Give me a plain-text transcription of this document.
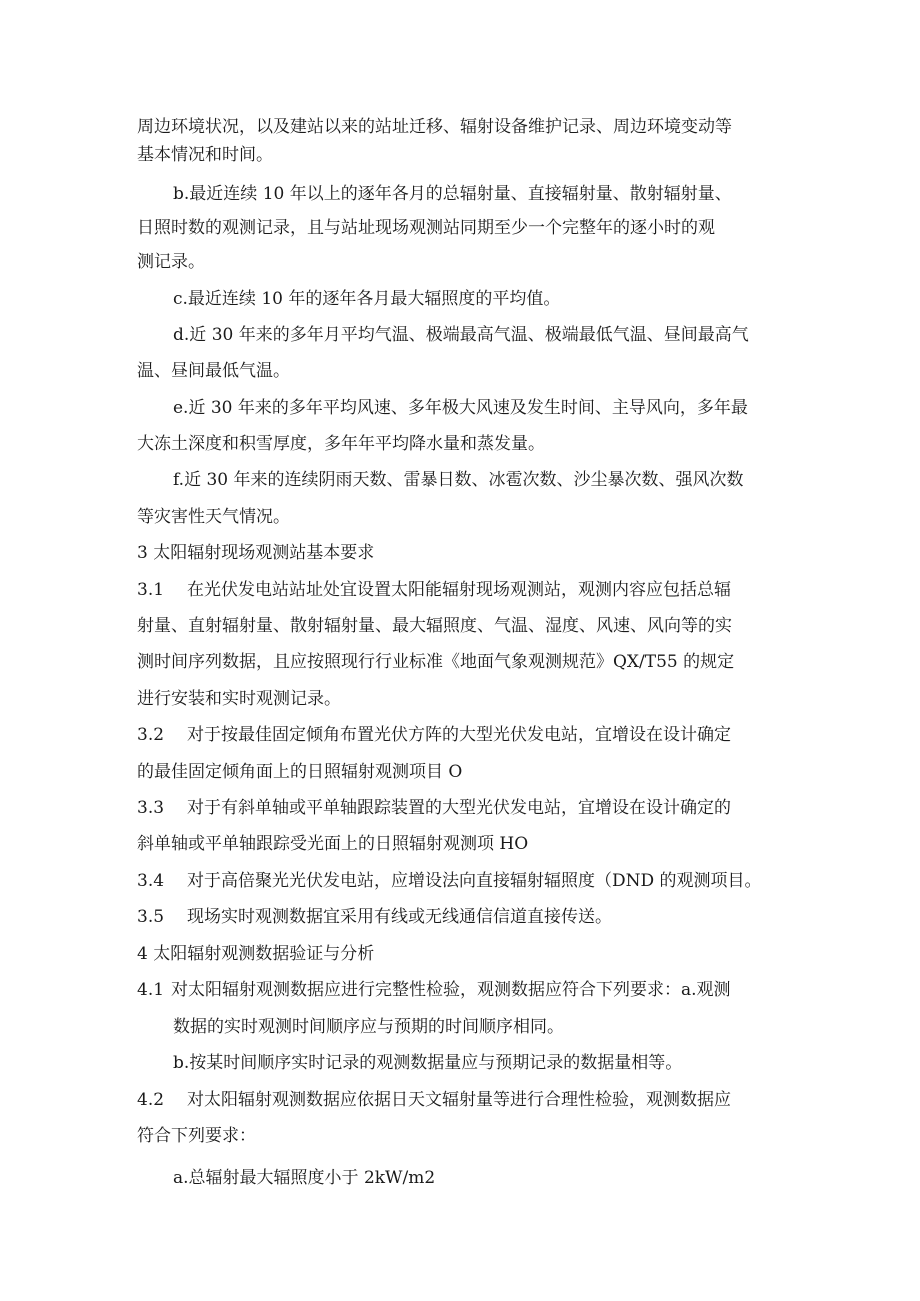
周边环境状况，以及建站以来的站址迁移、辐射设备维护记录、周边环境变动等
基本情况和时间。
b.最近连续 10 年以上的逐年各月的总辐射量、直接辐射量、散射辐射量、
日照时数的观测记录，且与站址现场观测站同期至少一个完整年的逐小时的观
测记录。
c.最近连续 10 年的逐年各月最大辐照度的平均值。
d.近 30 年来的多年月平均气温、极端最高气温、极端最低气温、昼间最高气
温、昼间最低气温。
e.近 30 年来的多年平均风速、多年极大风速及发生时间、主导风向，多年最
大冻土深度和积雪厚度，多年年平均降水量和蒸发量。
f.近 30 年来的连续阴雨天数、雷暴日数、冰雹次数、沙尘暴次数、强风次数
等灾害性天气情况。
3 太阳辐射现场观测站基本要求
3.1 在光伏发电站站址处宜设置太阳能辐射现场观测站，观测内容应包括总辐
射量、直射辐射量、散射辐射量、最大辐照度、气温、湿度、风速、风向等的实
测时间序列数据，且应按照现行行业标准《地面气象观测规范》QX/T55 的规定
进行安装和实时观测记录。
3.2 对于按最佳固定倾角布置光伏方阵的大型光伏发电站，宜增设在设计确定
的最佳固定倾角面上的日照辐射观测项目 O
3.3 对于有斜单轴或平单轴跟踪装置的大型光伏发电站，宜增设在设计确定的
斜单轴或平单轴跟踪受光面上的日照辐射观测项 HO
3.4 对于高倍聚光光伏发电站，应增设法向直接辐射辐照度（DND 的观测项目。
3.5 现场实时观测数据宜采用有线或无线通信信道直接传送。
4 太阳辐射观测数据验证与分析
4.1 对太阳辐射观测数据应进行完整性检验，观测数据应符合下列要求：a.观测
数据的实时观测时间顺序应与预期的时间顺序相同。
b.按某时间顺序实时记录的观测数据量应与预期记录的数据量相等。
4.2 对太阳辐射观测数据应依据日天文辐射量等进行合理性检验，观测数据应
符合下列要求：
a.总辐射最大辐照度小于 2kW/m2
